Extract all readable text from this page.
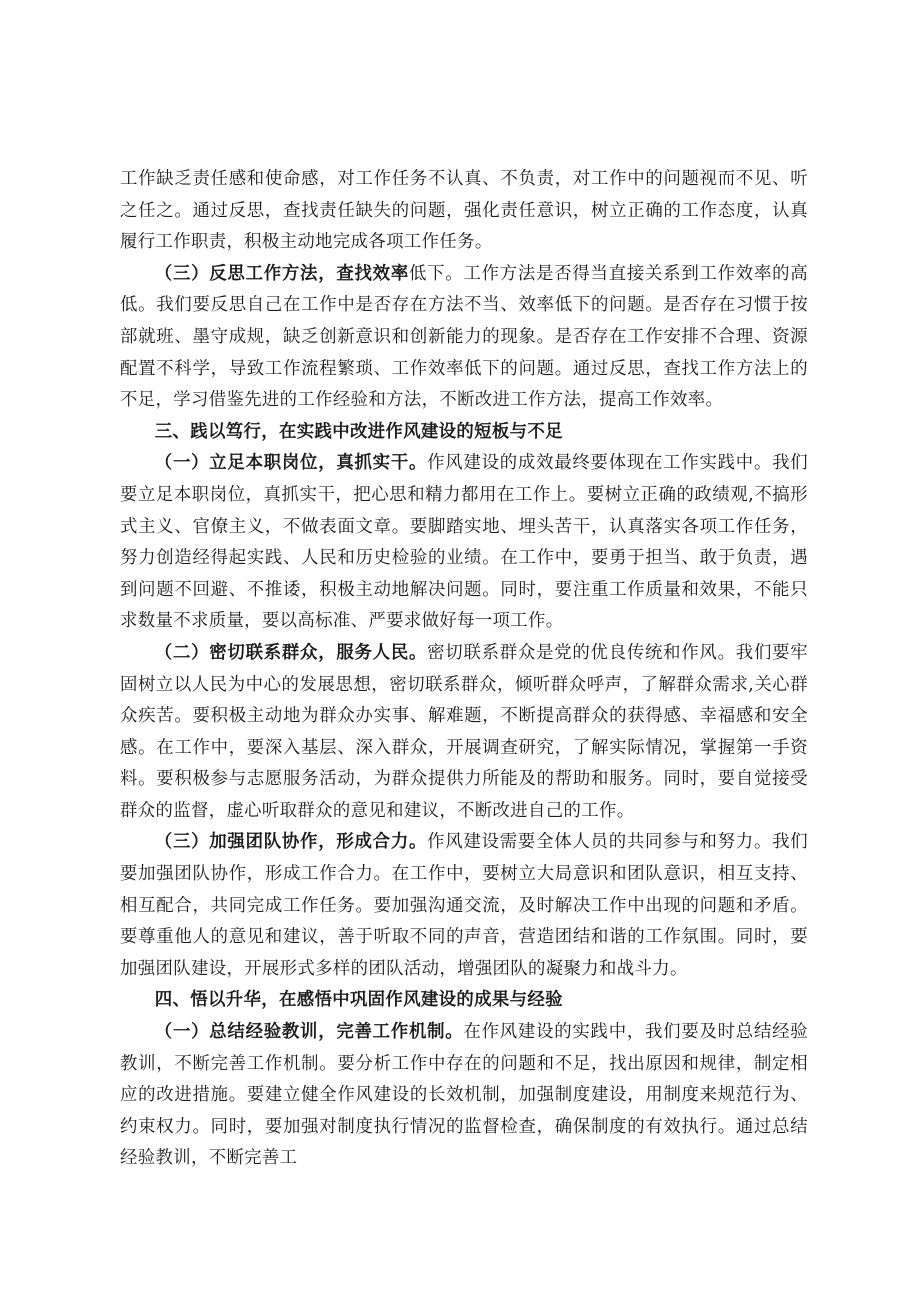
工作缺乏责任感和使命感，对工作任务不认真、不负责，对工作中的问题视而不见、听之任之。通过反思，查找责任缺失的问题，强化责任意识，树立正确的工作态度，认真履行工作职责，积极主动地完成各项工作任务。

（三）反思工作方法，查找效率低下。工作方法是否得当直接关系到工作效率的高低。我们要反思自己在工作中是否存在方法不当、效率低下的问题。是否存在习惯于按部就班、墨守成规，缺乏创新意识和创新能力的现象。是否存在工作安排不合理、资源配置不科学，导致工作流程繁琐、工作效率低下的问题。通过反思，查找工作方法上的不足，学习借鉴先进的工作经验和方法，不断改进工作方法，提高工作效率。

三、践以笃行，在实践中改进作风建设的短板与不足

（一）立足本职岗位，真抓实干。作风建设的成效最终要体现在工作实践中。我们要立足本职岗位，真抓实干，把心思和精力都用在工作上。要树立正确的政绩观,不搞形式主义、官僚主义，不做表面文章。要脚踏实地、埋头苦干，认真落实各项工作任务，努力创造经得起实践、人民和历史检验的业绩。在工作中，要勇于担当、敢于负责，遇到问题不回避、不推诿，积极主动地解决问题。同时，要注重工作质量和效果，不能只求数量不求质量，要以高标准、严要求做好每一项工作。

（二）密切联系群众，服务人民。密切联系群众是党的优良传统和作风。我们要牢固树立以人民为中心的发展思想，密切联系群众，倾听群众呼声，了解群众需求,关心群众疾苦。要积极主动地为群众办实事、解难题，不断提高群众的获得感、幸福感和安全感。在工作中，要深入基层、深入群众，开展调查研究，了解实际情况，掌握第一手资料。要积极参与志愿服务活动，为群众提供力所能及的帮助和服务。同时，要自觉接受群众的监督，虚心听取群众的意见和建议，不断改进自己的工作。

（三）加强团队协作，形成合力。作风建设需要全体人员的共同参与和努力。我们要加强团队协作，形成工作合力。在工作中，要树立大局意识和团队意识，相互支持、相互配合，共同完成工作任务。要加强沟通交流，及时解决工作中出现的问题和矛盾。要尊重他人的意见和建议，善于听取不同的声音，营造团结和谐的工作氛围。同时，要加强团队建设，开展形式多样的团队活动，增强团队的凝聚力和战斗力。

四、悟以升华，在感悟中巩固作风建设的成果与经验

（一）总结经验教训，完善工作机制。在作风建设的实践中，我们要及时总结经验教训，不断完善工作机制。要分析工作中存在的问题和不足，找出原因和规律，制定相应的改进措施。要建立健全作风建设的长效机制，加强制度建设，用制度来规范行为、约束权力。同时，要加强对制度执行情况的监督检查，确保制度的有效执行。通过总结经验教训，不断完善工
